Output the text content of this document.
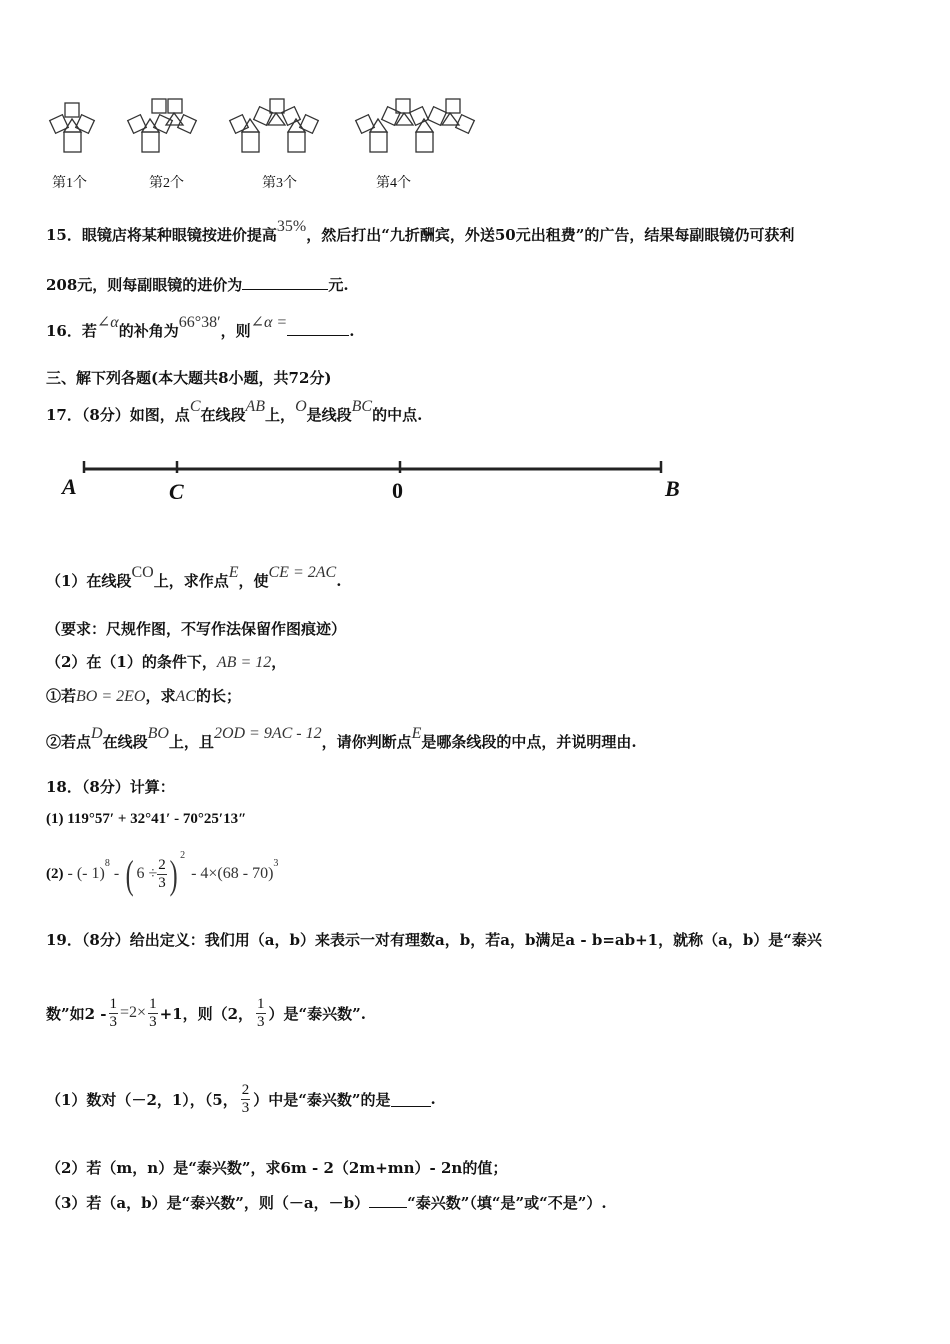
第1个	第2个	第3个	第4个
15．眼镜店将某种眼镜按进价提高35%，然后打出“九折酬宾，外送50元出租费”的广告，结果每副眼镜仍可获利
208元，则每副眼镜的进价为	元.
16．若∠α的补角为66°38′，则∠α =	.
三、解下列各题(本大题共8小题，共72分)
17．（8分）如图，点C在线段AB上，O是线段BC的中点.
A	C	0	B
（1）在线段CO上，求作点E，使CE = 2AC.
（要求：尺规作图，不写作法保留作图痕迹）
（2）在（1）的条件下，AB = 12，
①若BO = 2EO，求AC的长；
②若点D在线段BO上，且2OD = 9AC - 12，请你判断点E是哪条线段的中点，并说明理由.
18．（8分）计算：
(1) 119°57′ + 32°41′ - 70°25′13″
(2) - (- 1)
$^8$
- ( $6 \div \frac{2}{3}$ ) $^2$
- 4×(68 - 70)
$^3$
19．（8分）给出定义：我们用（a，b）来表示一对有理数a，b，若a，b满足a - b=ab+1，就称（a，b）是“泰兴
数”如$2 - \frac{1}{3} =2\times \frac{1}{3} +1$，则（2， $\frac{1}{3}$ ）是“泰兴数”.
（1）数对（－2，1），（5， $\frac{2}{3}$ ）中是“泰兴数”的是	.
（2）若（m，n）是“泰兴数”，求6m - 2（2m+mn）- 2n的值；
（3）若（a，b）是“泰兴数”，则（－a，－b）	“泰兴数”（填“是”或“不是”）.
